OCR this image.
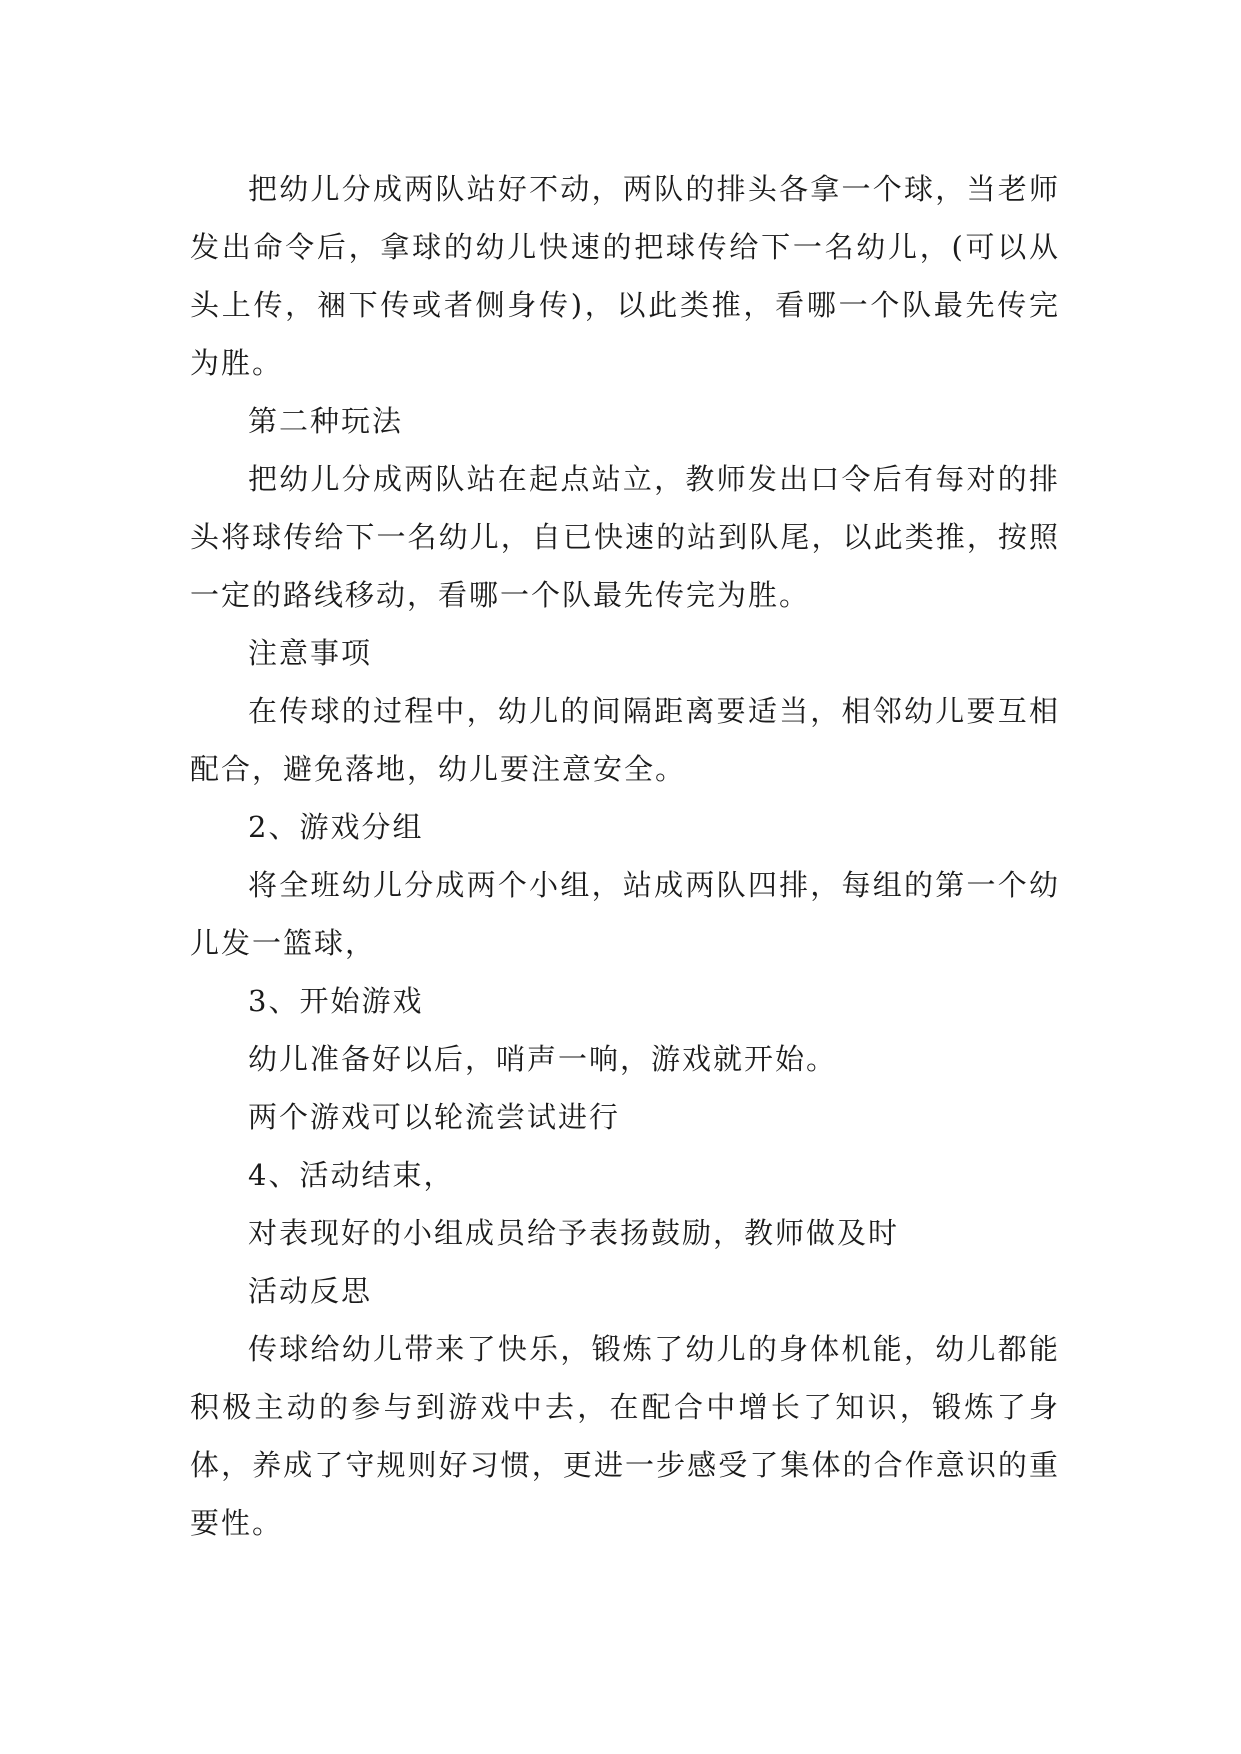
把幼儿分成两队站好不动，两队的排头各拿一个球，当老师发出命令后，拿球的幼儿快速的把球传给下一名幼儿，(可以从头上传，裍下传或者侧身传)，以此类推，看哪一个队最先传完为胜。

第二种玩法

把幼儿分成两队站在起点站立，教师发出口令后有每对的排头将球传给下一名幼儿，自已快速的站到队尾，以此类推，按照一定的路线移动，看哪一个队最先传完为胜。

注意事项

在传球的过程中，幼儿的间隔距离要适当，相邻幼儿要互相配合，避免落地，幼儿要注意安全。

2、游戏分组

将全班幼儿分成两个小组，站成两队四排，每组的第一个幼儿发一篮球，

3、开始游戏

幼儿准备好以后，哨声一响，游戏就开始。

两个游戏可以轮流尝试进行

4、活动结束，

对表现好的小组成员给予表扬鼓励，教师做及时

活动反思

传球给幼儿带来了快乐，锻炼了幼儿的身体机能，幼儿都能积极主动的参与到游戏中去，在配合中增长了知识，锻炼了身体，养成了守规则好习惯，更进一步感受了集体的合作意识的重要性。
